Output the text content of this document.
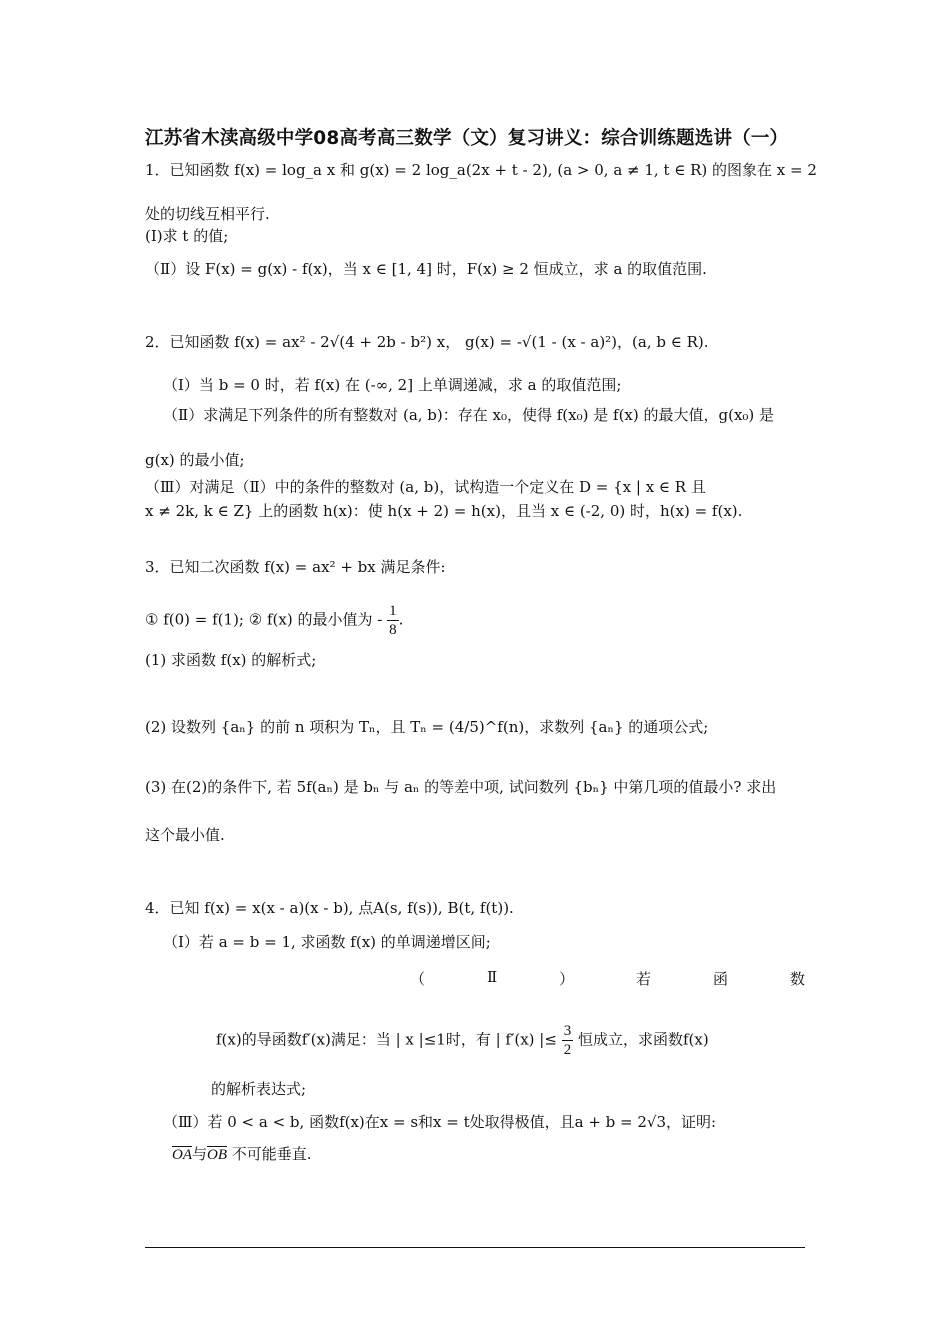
江苏省木渎高级中学08高考高三数学（文）复习讲义：综合训练题选讲（一）
1．已知函数 f(x) = log_a x 和 g(x) = 2 log_a(2x + t - 2), (a > 0, a ≠ 1, t ∈ R) 的图象在 x = 2
处的切线互相平行.
(Ⅰ)求 t 的值;
（Ⅱ）设 F(x) = g(x) - f(x)，当 x ∈ [1, 4] 时，F(x) ≥ 2 恒成立，求 a 的取值范围.
2．已知函数 f(x) = ax² - 2√(4 + 2b - b²) x， g(x) = -√(1 - (x - a)²)，(a, b ∈ R).
（Ⅰ）当 b = 0 时，若 f(x) 在 (-∞, 2] 上单调递减，求 a 的取值范围;
（Ⅱ）求满足下列条件的所有整数对 (a, b)：存在 x₀，使得 f(x₀) 是 f(x) 的最大值，g(x₀) 是
g(x) 的最小值;
（Ⅲ）对满足（Ⅱ）中的条件的整数对 (a, b)，试构造一个定义在 D = {x | x ∈ R 且
x ≠ 2k, k ∈ Z} 上的函数 h(x)：使 h(x + 2) = h(x)，且当 x ∈ (-2, 0) 时，h(x) = f(x).
3．已知二次函数 f(x) = ax² + bx 满足条件:
① f(0) = f(1); ② f(x) 的最小值为 - $\frac{1}{8}$ .
(1) 求函数 f(x) 的解析式;
(2) 设数列 {aₙ} 的前 n 项积为 Tₙ，且 Tₙ = (4/5)^f(n)，求数列 {aₙ} 的通项公式;
(3) 在(2)的条件下, 若 5f(aₙ) 是 bₙ 与 aₙ 的等差中项, 试问数列 {bₙ} 中第几项的值最小? 求出
这个最小值.
4．已知 f(x) = x(x - a)(x - b), 点A(s, f(s)), B(t, f(t)).
（Ⅰ）若 a = b = 1, 求函数 f(x) 的单调递增区间;
（	Ⅱ	）	若	函	数
f(x)的导函数f′(x)满足：当 | x |≤1时，有 | f′(x) |≤ $\frac{3}{2}$ 恒成立，求函数f(x)
的解析表达式;
（Ⅲ）若 0 < a < b, 函数f(x)在x = s和x = t处取得极值，且a + b = 2√3，证明:
$\overline{OA}$与$\overline{OB}$ 不可能垂直.
